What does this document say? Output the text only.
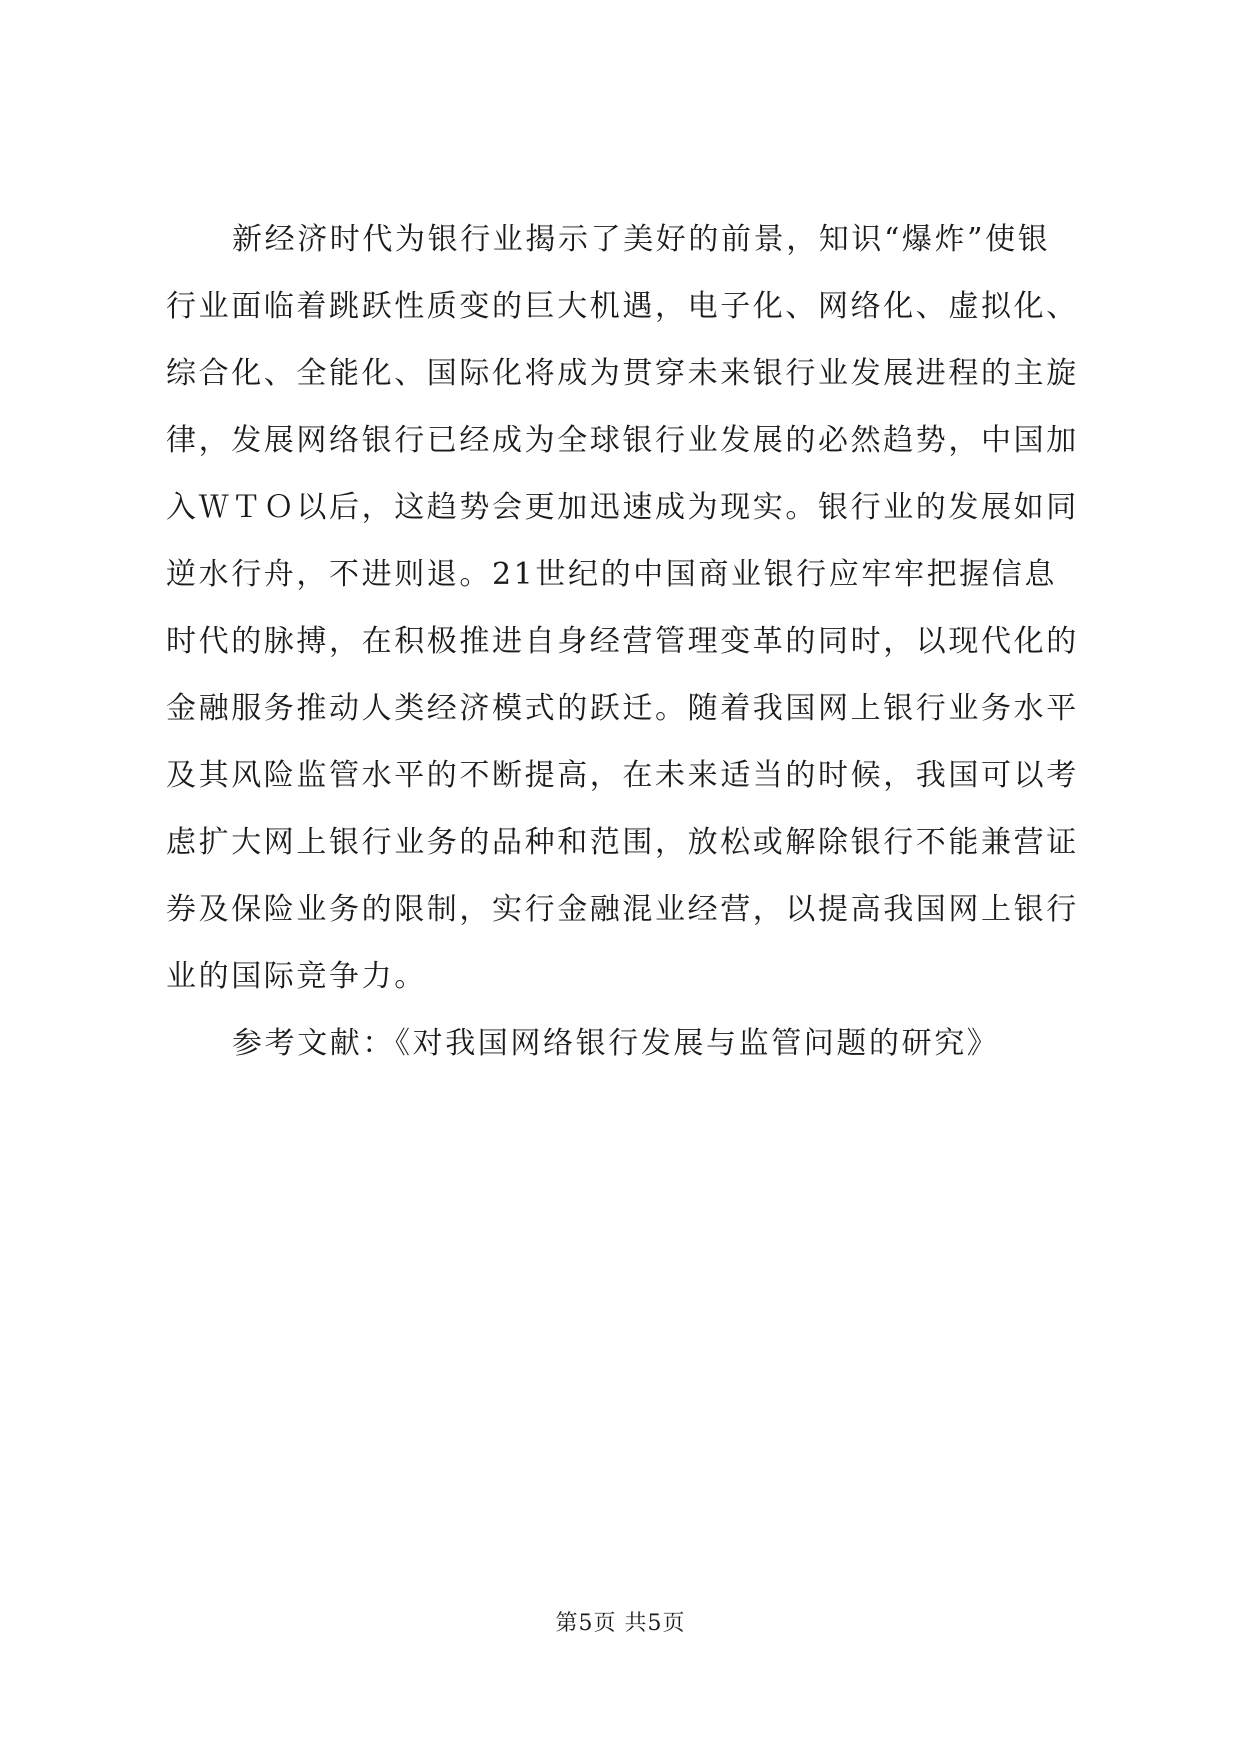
新经济时代为银行业揭示了美好的前景，知识“爆炸”使银
行业面临着跳跃性质变的巨大机遇，电子化、网络化、虚拟化、
综合化、全能化、国际化将成为贯穿未来银行业发展进程的主旋
律，发展网络银行已经成为全球银行业发展的必然趋势，中国加
入ＷＴＯ以后，这趋势会更加迅速成为现实。银行业的发展如同
逆水行舟，不进则退。21世纪的中国商业银行应牢牢把握信息
时代的脉搏，在积极推进自身经营管理变革的同时，以现代化的
金融服务推动人类经济模式的跃迁。随着我国网上银行业务水平
及其风险监管水平的不断提高，在未来适当的时候，我国可以考
虑扩大网上银行业务的品种和范围，放松或解除银行不能兼营证
券及保险业务的限制，实行金融混业经营，以提高我国网上银行
业的国际竞争力。
参考文献：《对我国网络银行发展与监管问题的研究》
第5页 共5页
